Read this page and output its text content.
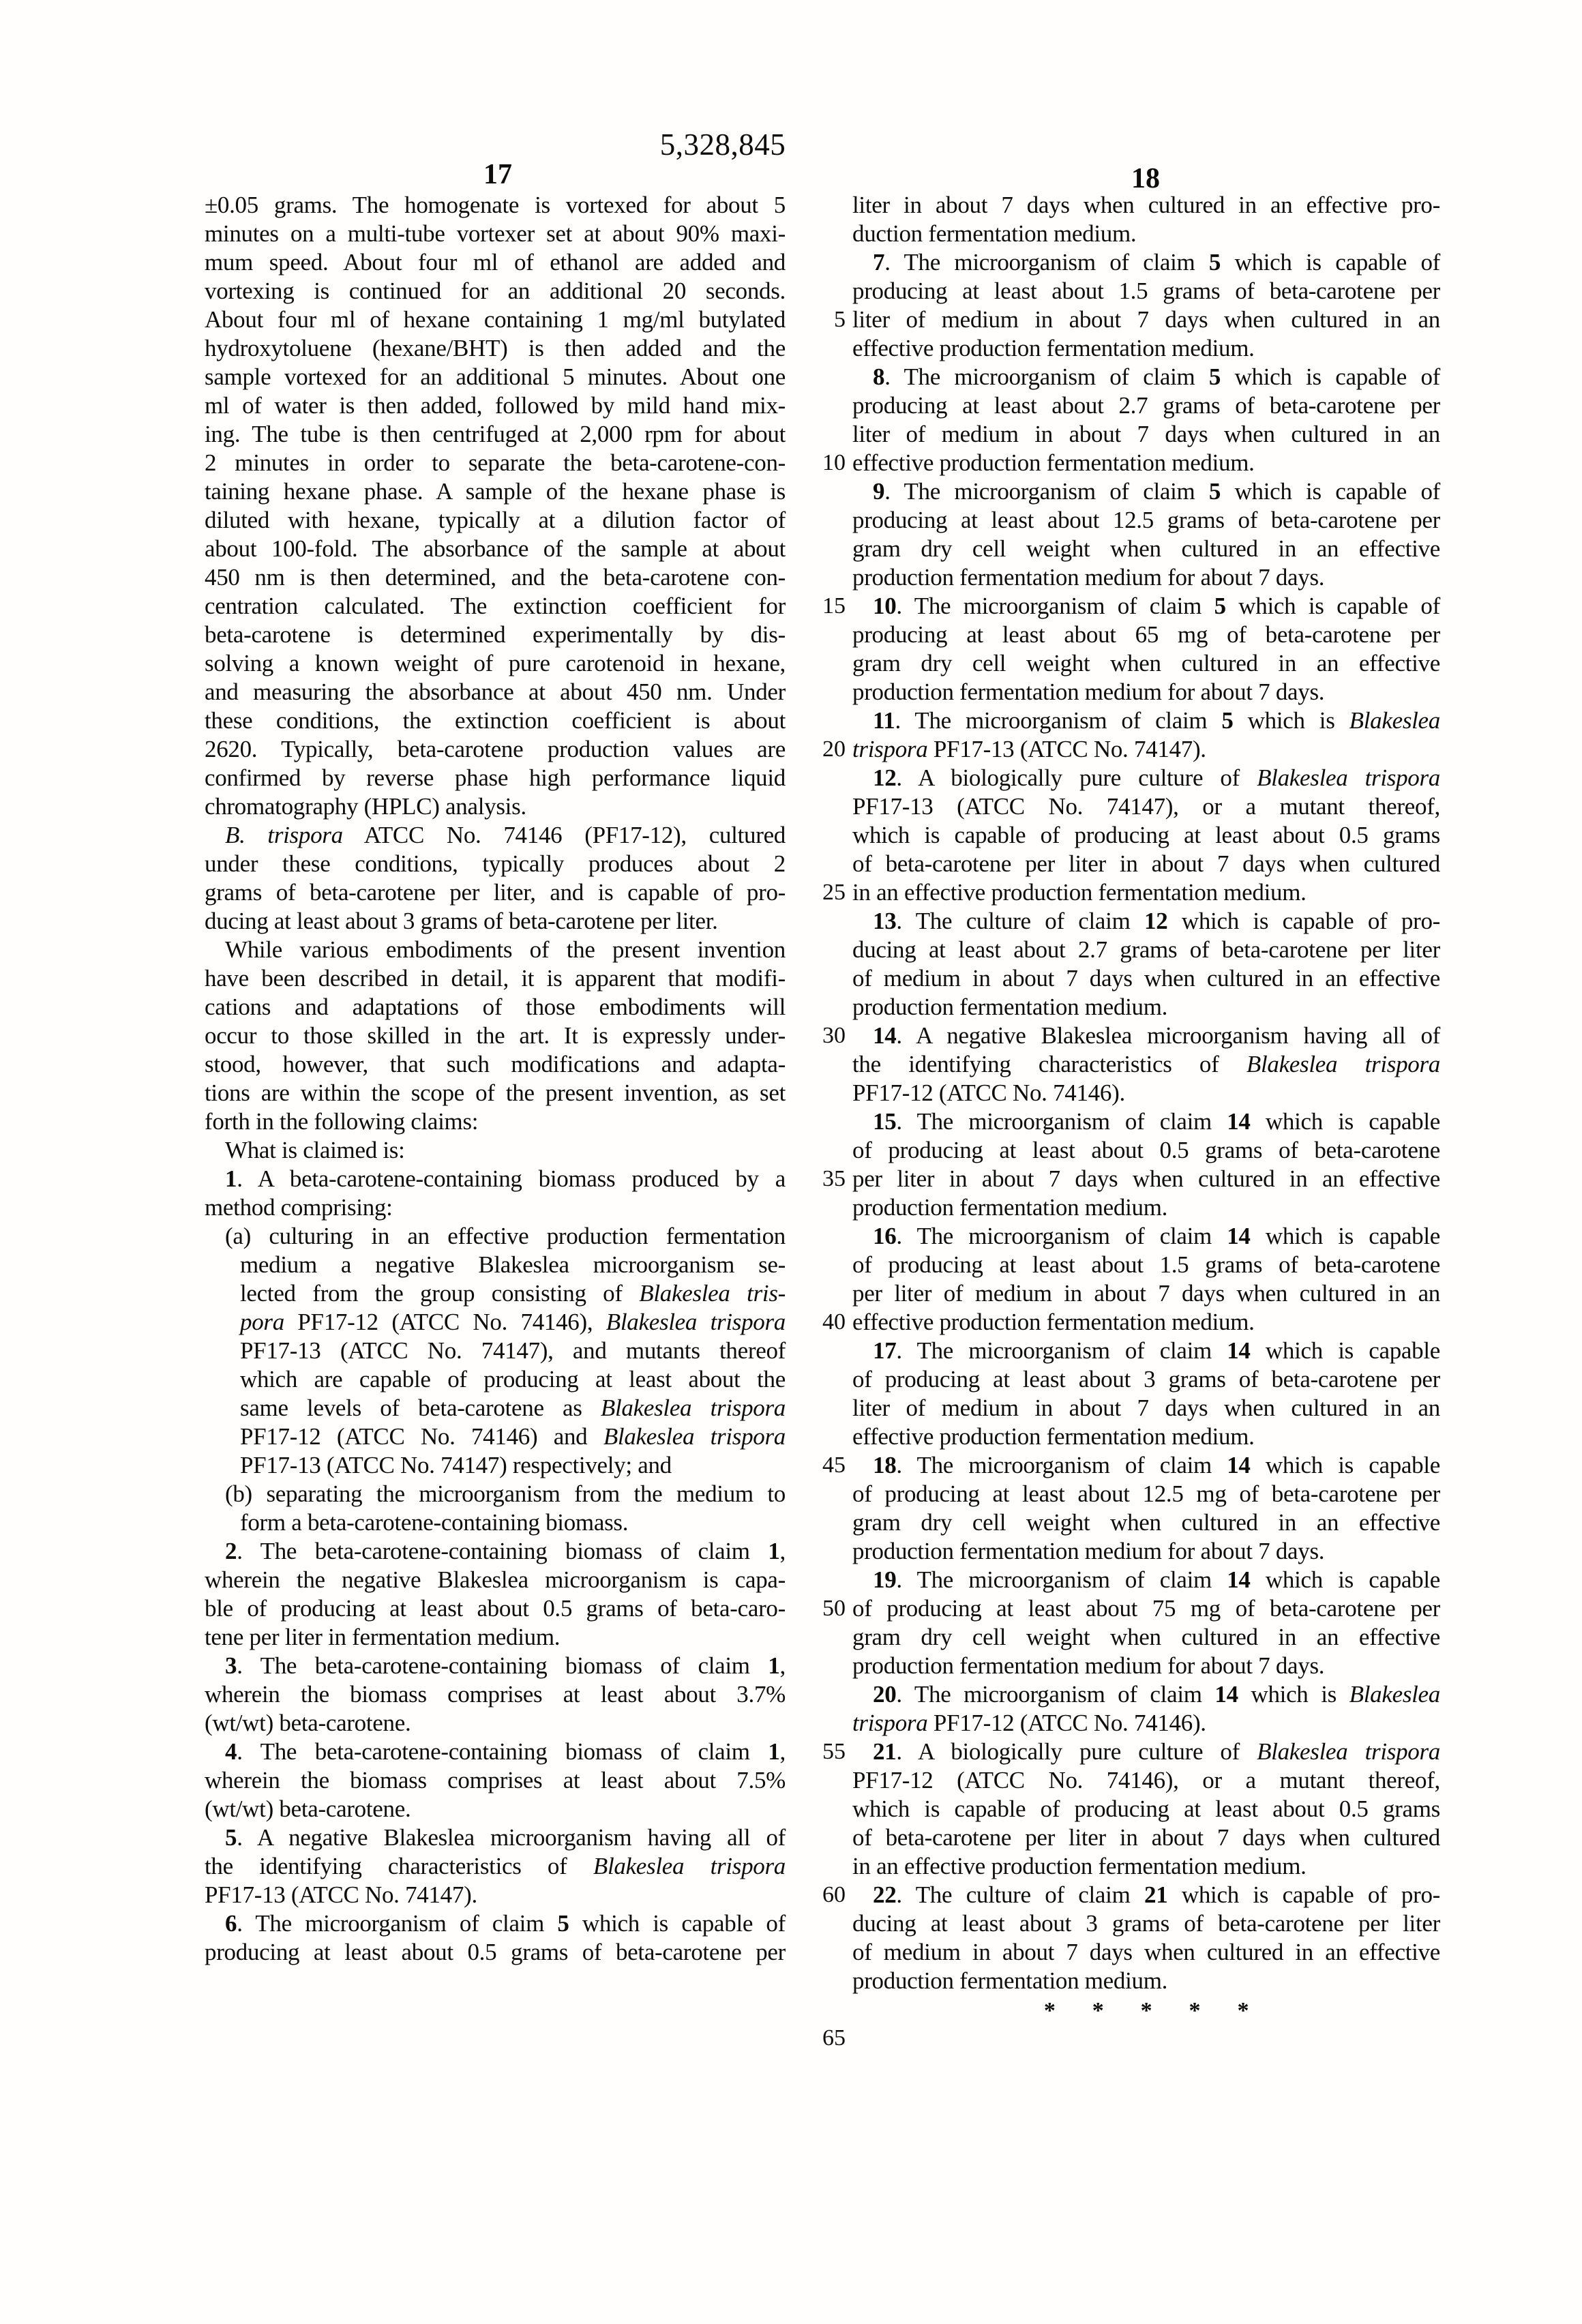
5,328,845
17	18
±0.05 grams. The homogenate is vortexed for about 5
minutes on a multi-tube vortexer set at about 90% maxi-
mum speed. About four ml of ethanol are added and
vortexing is continued for an additional 20 seconds.
About four ml of hexane containing 1 mg/ml butylated
hydroxytoluene (hexane/BHT) is then added and the
sample vortexed for an additional 5 minutes. About one
ml of water is then added, followed by mild hand mix-
ing. The tube is then centrifuged at 2,000 rpm for about
2 minutes in order to separate the beta-carotene-con-
taining hexane phase. A sample of the hexane phase is
diluted with hexane, typically at a dilution factor of
about 100-fold. The absorbance of the sample at about
450 nm is then determined, and the beta-carotene con-
centration calculated. The extinction coefficient for
beta-carotene is determined experimentally by dis-
solving a known weight of pure carotenoid in hexane,
and measuring the absorbance at about 450 nm. Under
these conditions, the extinction coefficient is about
2620. Typically, beta-carotene production values are
confirmed by reverse phase high performance liquid
chromatography (HPLC) analysis.
B. trispora ATCC No. 74146 (PF17-12), cultured
under these conditions, typically produces about 2
grams of beta-carotene per liter, and is capable of pro-
ducing at least about 3 grams of beta-carotene per liter.
While various embodiments of the present invention
have been described in detail, it is apparent that modifi-
cations and adaptations of those embodiments will
occur to those skilled in the art. It is expressly under-
stood, however, that such modifications and adapta-
tions are within the scope of the present invention, as set
forth in the following claims:
What is claimed is:
1. A beta-carotene-containing biomass produced by a
method comprising:
(a) culturing in an effective production fermentation
medium a negative Blakeslea microorganism se-
lected from the group consisting of Blakeslea tris-
pora PF17-12 (ATCC No. 74146), Blakeslea trispora
PF17-13 (ATCC No. 74147), and mutants thereof
which are capable of producing at least about the
same levels of beta-carotene as Blakeslea trispora
PF17-12 (ATCC No. 74146) and Blakeslea trispora
PF17-13 (ATCC No. 74147) respectively; and
(b) separating the microorganism from the medium to
form a beta-carotene-containing biomass.
2. The beta-carotene-containing biomass of claim 1,
wherein the negative Blakeslea microorganism is capa-
ble of producing at least about 0.5 grams of beta-caro-
tene per liter in fermentation medium.
3. The beta-carotene-containing biomass of claim 1,
wherein the biomass comprises at least about 3.7%
(wt/wt) beta-carotene.
4. The beta-carotene-containing biomass of claim 1,
wherein the biomass comprises at least about 7.5%
(wt/wt) beta-carotene.
5. A negative Blakeslea microorganism having all of
the identifying characteristics of Blakeslea trispora
PF17-13 (ATCC No. 74147).
6. The microorganism of claim 5 which is capable of
producing at least about 0.5 grams of beta-carotene per
liter in about 7 days when cultured in an effective pro-
duction fermentation medium.
7. The microorganism of claim 5 which is capable of
producing at least about 1.5 grams of beta-carotene per
liter of medium in about 7 days when cultured in an
effective production fermentation medium.
8. The microorganism of claim 5 which is capable of
producing at least about 2.7 grams of beta-carotene per
liter of medium in about 7 days when cultured in an
effective production fermentation medium.
9. The microorganism of claim 5 which is capable of
producing at least about 12.5 grams of beta-carotene per
gram dry cell weight when cultured in an effective
production fermentation medium for about 7 days.
10. The microorganism of claim 5 which is capable of
producing at least about 65 mg of beta-carotene per
gram dry cell weight when cultured in an effective
production fermentation medium for about 7 days.
11. The microorganism of claim 5 which is Blakeslea
trispora PF17-13 (ATCC No. 74147).
12. A biologically pure culture of Blakeslea trispora
PF17-13 (ATCC No. 74147), or a mutant thereof,
which is capable of producing at least about 0.5 grams
of beta-carotene per liter in about 7 days when cultured
in an effective production fermentation medium.
13. The culture of claim 12 which is capable of pro-
ducing at least about 2.7 grams of beta-carotene per liter
of medium in about 7 days when cultured in an effective
production fermentation medium.
14. A negative Blakeslea microorganism having all of
the identifying characteristics of Blakeslea trispora
PF17-12 (ATCC No. 74146).
15. The microorganism of claim 14 which is capable
of producing at least about 0.5 grams of beta-carotene
per liter in about 7 days when cultured in an effective
production fermentation medium.
16. The microorganism of claim 14 which is capable
of producing at least about 1.5 grams of beta-carotene
per liter of medium in about 7 days when cultured in an
effective production fermentation medium.
17. The microorganism of claim 14 which is capable
of producing at least about 3 grams of beta-carotene per
liter of medium in about 7 days when cultured in an
effective production fermentation medium.
18. The microorganism of claim 14 which is capable
of producing at least about 12.5 mg of beta-carotene per
gram dry cell weight when cultured in an effective
production fermentation medium for about 7 days.
19. The microorganism of claim 14 which is capable
of producing at least about 75 mg of beta-carotene per
gram dry cell weight when cultured in an effective
production fermentation medium for about 7 days.
20. The microorganism of claim 14 which is Blakeslea
trispora PF17-12 (ATCC No. 74146).
21. A biologically pure culture of Blakeslea trispora
PF17-12 (ATCC No. 74146), or a mutant thereof,
which is capable of producing at least about 0.5 grams
of beta-carotene per liter in about 7 days when cultured
in an effective production fermentation medium.
22. The culture of claim 21 which is capable of pro-
ducing at least about 3 grams of beta-carotene per liter
of medium in about 7 days when cultured in an effective
production fermentation medium.
* * * * *
5
10
15
20
25
30
35
40
45
50
55
60
65
